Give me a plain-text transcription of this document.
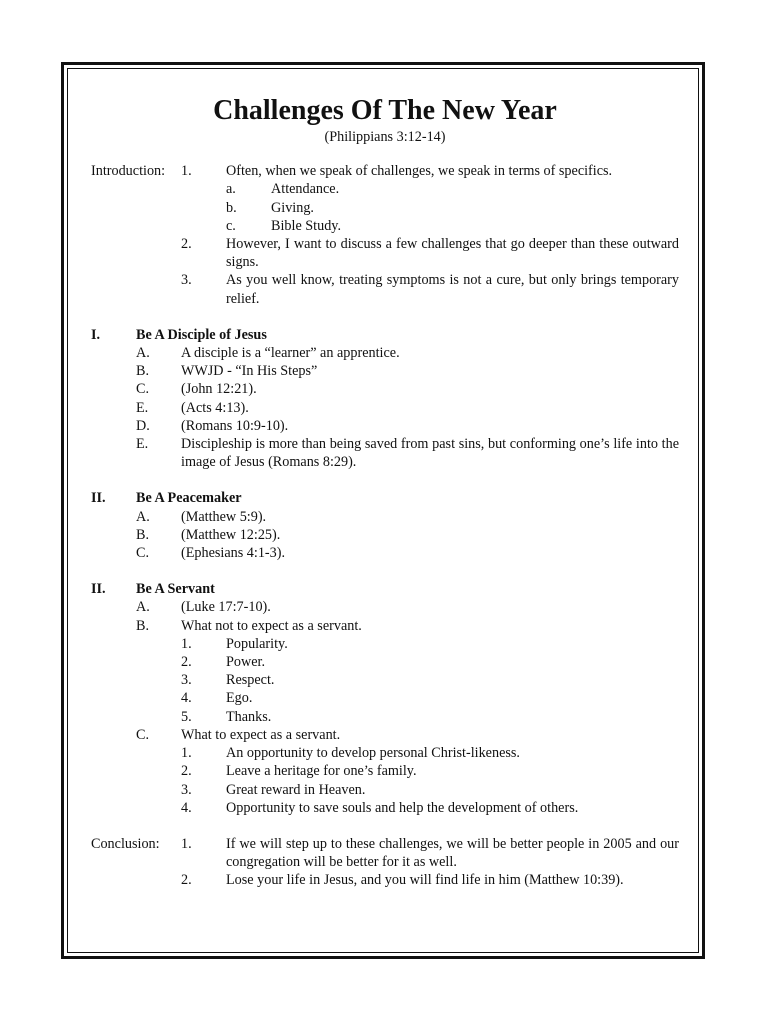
Challenges Of The New Year

(Philippians 3:12-14)

Introduction:	1.	Often, when we speak of challenges, we speak in terms of specifics.
a.	Attendance.
b.	Giving.
c.	Bible Study.
2.	However, I want to discuss a few challenges that go deeper than these outward signs.
3.	As you well know, treating symptoms is not a cure, but only brings temporary relief.
I.	Be A Disciple of Jesus
A.	A disciple is a “learner” an apprentice.
B.	WWJD - “In His Steps”
C.	(John 12:21).
E.	(Acts 4:13).
D.	(Romans 10:9-10).
E.	Discipleship is more than being saved from past sins, but conforming one’s life into the image of Jesus (Romans 8:29).
II.	Be A Peacemaker
A.	(Matthew 5:9).
B.	(Matthew 12:25).
C.	(Ephesians 4:1-3).
II.	Be A Servant
A.	(Luke 17:7-10).
B.	What not to expect as a servant.
1.	Popularity.
2.	Power.
3.	Respect.
4.	Ego.
5.	Thanks.
C.	What to expect as a servant.
1.	An opportunity to develop personal Christ-likeness.
2.	Leave a heritage for one’s family.
3.	Great reward in Heaven.
4.	Opportunity to save souls and help the development of others.
Conclusion:	1.	If we will step up to these challenges, we will be better people in 2005 and our congregation will be better for it as well.
2.	Lose your life in Jesus, and you will find life in him (Matthew 10:39).
